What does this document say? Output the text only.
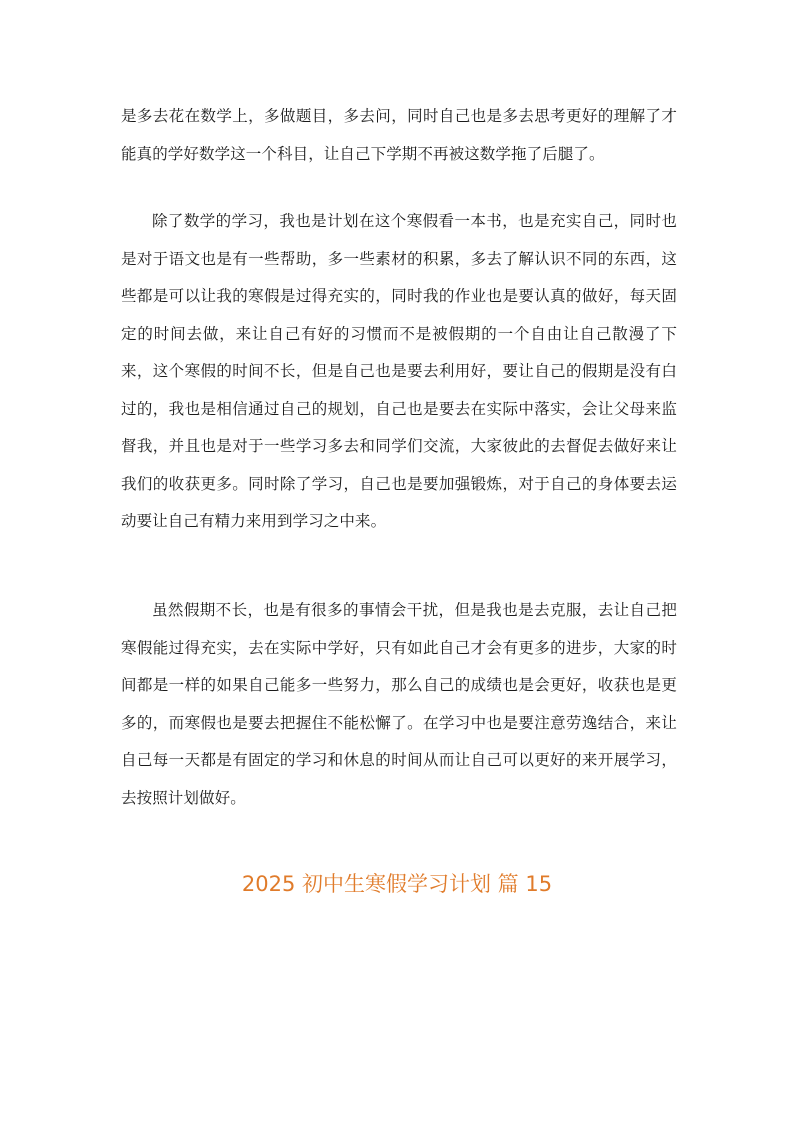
是多去花在数学上，多做题目，多去问，同时自己也是多去思考更好的理解了才能真的学好数学这一个科目，让自己下学期不再被这数学拖了后腿了。

除了数学的学习，我也是计划在这个寒假看一本书，也是充实自己，同时也是对于语文也是有一些帮助，多一些素材的积累，多去了解认识不同的东西，这些都是可以让我的寒假是过得充实的，同时我的作业也是要认真的做好，每天固定的时间去做，来让自己有好的习惯而不是被假期的一个自由让自己散漫了下来，这个寒假的时间不长，但是自己也是要去利用好，要让自己的假期是没有白过的，我也是相信通过自己的规划，自己也是要去在实际中落实，会让父母来监督我，并且也是对于一些学习多去和同学们交流，大家彼此的去督促去做好来让我们的收获更多。同时除了学习，自己也是要加强锻炼，对于自己的身体要去运动要让自己有精力来用到学习之中来。

虽然假期不长，也是有很多的事情会干扰，但是我也是去克服，去让自己把寒假能过得充实，去在实际中学好，只有如此自己才会有更多的进步，大家的时间都是一样的如果自己能多一些努力，那么自己的成绩也是会更好，收获也是更多的，而寒假也是要去把握住不能松懈了。在学习中也是要注意劳逸结合，来让自己每一天都是有固定的学习和休息的时间从而让自己可以更好的来开展学习，去按照计划做好。

2025 初中生寒假学习计划 篇 15
